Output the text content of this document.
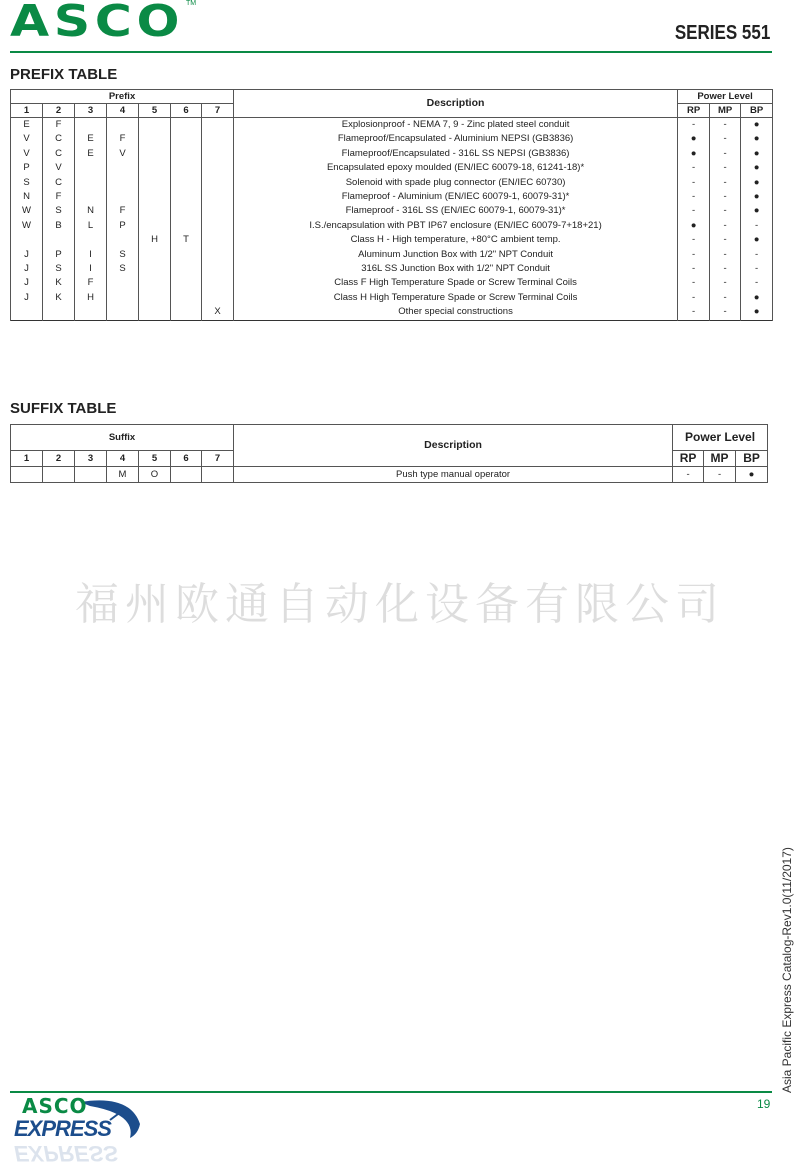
ASCO TM
SERIES 551
PREFIX TABLE
Prefix							Description	Power Level		
1	2	3	4	5	6	7		RP	MP	BP
E	F						Explosionproof - NEMA 7, 9 - Zinc plated steel conduit	-	-	●
V	C	E	F				Flameproof/Encapsulated - Aluminium NEPSI (GB3836)	●	-	●
V	C	E	V				Flameproof/Encapsulated - 316L SS NEPSI (GB3836)	●	-	●
P	V						Encapsulated epoxy moulded (EN/IEC 60079-18, 61241-18)*	-	-	●
S	C						Solenoid with spade plug connector (EN/IEC 60730)	-	-	●
N	F						Flameproof - Aluminium (EN/IEC 60079-1, 60079-31)*	-	-	●
W	S	N	F				Flameproof - 316L SS (EN/IEC 60079-1, 60079-31)*	-	-	●
W	B	L	P				I.S./encapsulation with PBT IP67 enclosure (EN/IEC 60079-7+18+21)	●	-	-
				H	T		Class H - High temperature, +80°C ambient temp.	-	-	●
J	P	I	S				Aluminum Junction Box with 1/2" NPT Conduit	-	-	-
J	S	I	S				316L SS Junction Box with 1/2" NPT Conduit	-	-	-
J	K	F					Class F High Temperature Spade or Screw Terminal Coils	-	-	-
J	K	H					Class H High Temperature Spade or Screw Terminal Coils	-	-	●
						X	Other special constructions	-	-	●
SUFFIX TABLE
Suffix							Description	Power Level		
1	2	3	4	5	6	7		RP	MP	BP
			M	O			Push type manual operator	-	-	●
福州欧通自动化设备有限公司
Asia Pacific Express Catalog-Rev1.0(11/2017)
19
ASCO
EXPRESS
EXPRESS
